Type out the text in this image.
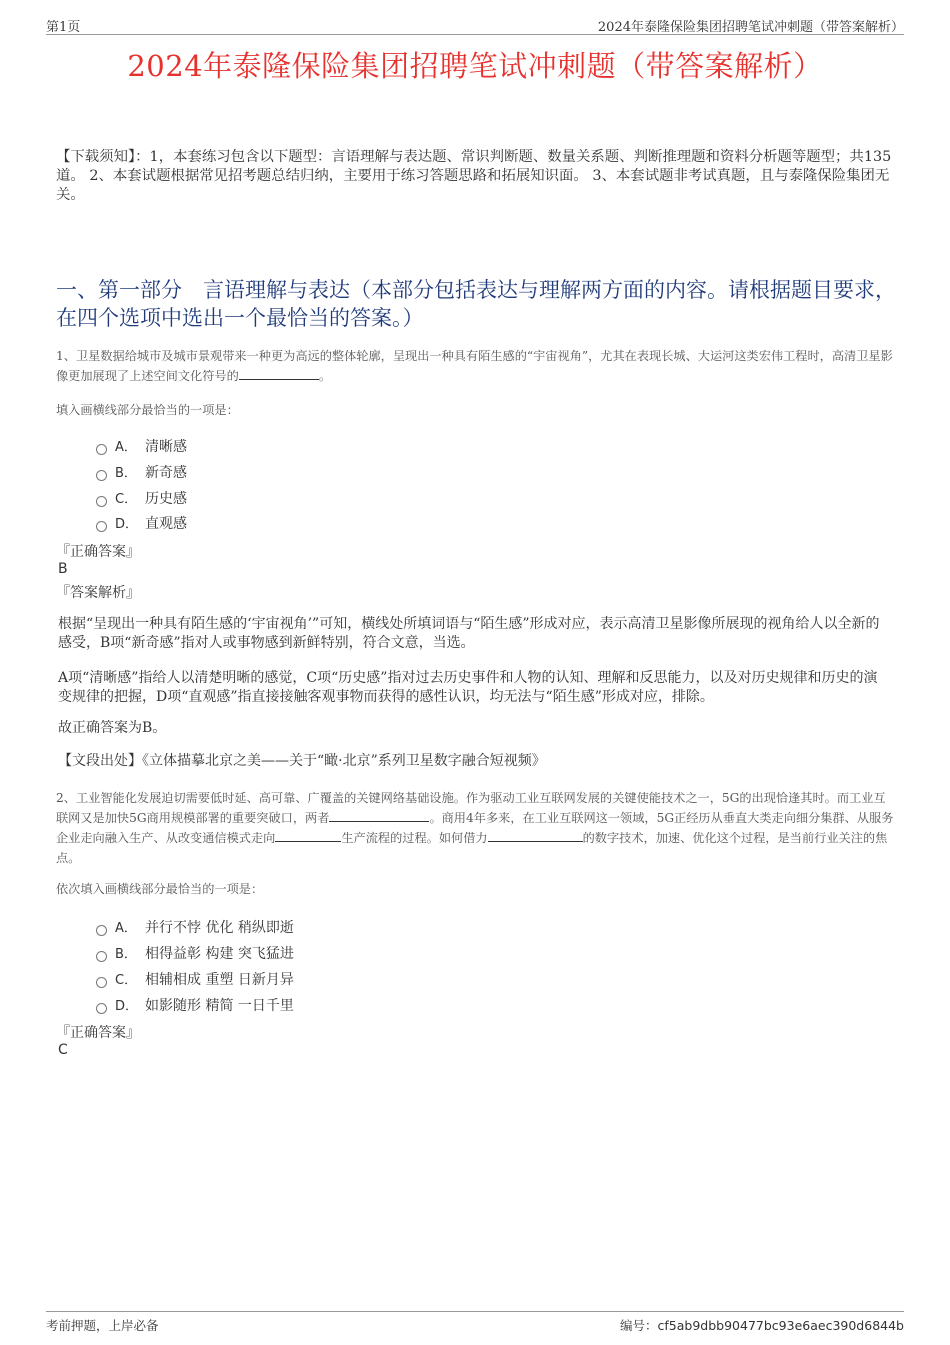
第1页	2024年泰隆保险集团招聘笔试冲刺题（带答案解析）
2024年泰隆保险集团招聘笔试冲刺题（带答案解析）
【下载须知】：1，本套练习包含以下题型：言语理解与表达题、常识判断题、数量关系题、判断推理题和资料分析题等题型；共135道。 2、本套试题根据常见招考题总结归纳，主要用于练习答题思路和拓展知识面。 3、本套试题非考试真题，且与泰隆保险集团无关。
一、第一部分　言语理解与表达（本部分包括表达与理解两方面的内容。请根据题目要求，在四个选项中选出一个最恰当的答案。）
1、卫星数据给城市及城市景观带来一种更为高远的整体轮廓，呈现出一种具有陌生感的“宇宙视角”，尤其在表现长城、大运河这类宏伟工程时，高清卫星影像更加展现了上述空间文化符号的	。
填入画横线部分最恰当的一项是：
A． 清晰感
B． 新奇感
C． 历史感
D． 直观感
『正确答案』
B
『答案解析』
根据“呈现出一种具有陌生感的‘宇宙视角’”可知，横线处所填词语与“陌生感”形成对应，表示高清卫星影像所展现的视角给人以全新的感受，B项“新奇感”指对人或事物感到新鲜特别，符合文意，当选。
A项“清晰感”指给人以清楚明晰的感觉，C项“历史感”指对过去历史事件和人物的认知、理解和反思能力，以及对历史规律和历史的演变规律的把握，D项“直观感”指直接接触客观事物而获得的感性认识，均无法与“陌生感”形成对应，排除。
故正确答案为B。
【文段出处】《立体描摹北京之美——关于“瞰·北京”系列卫星数字融合短视频》
2、工业智能化发展迫切需要低时延、高可靠、广覆盖的关键网络基础设施。作为驱动工业互联网发展的关键使能技术之一，5G的出现恰逢其时。而工业互联网又是加快5G商用规模部署的重要突破口，两者	。商用4年多来，在工业互联网这一领域，5G正经历从垂直大类走向细分集群、从服务企业走向融入生产、从改变通信模式走向	生产流程的过程。如何借力	的数字技术，加速、优化这个过程，是当前行业关注的焦点。
依次填入画横线部分最恰当的一项是：
A． 并行不悖 优化 稍纵即逝
B． 相得益彰 构建 突飞猛进
C． 相辅相成 重塑 日新月异
D． 如影随形 精简 一日千里
『正确答案』
C
考前押题，上岸必备	编号：cf5ab9dbb90477bc93e6aec390d6844b
